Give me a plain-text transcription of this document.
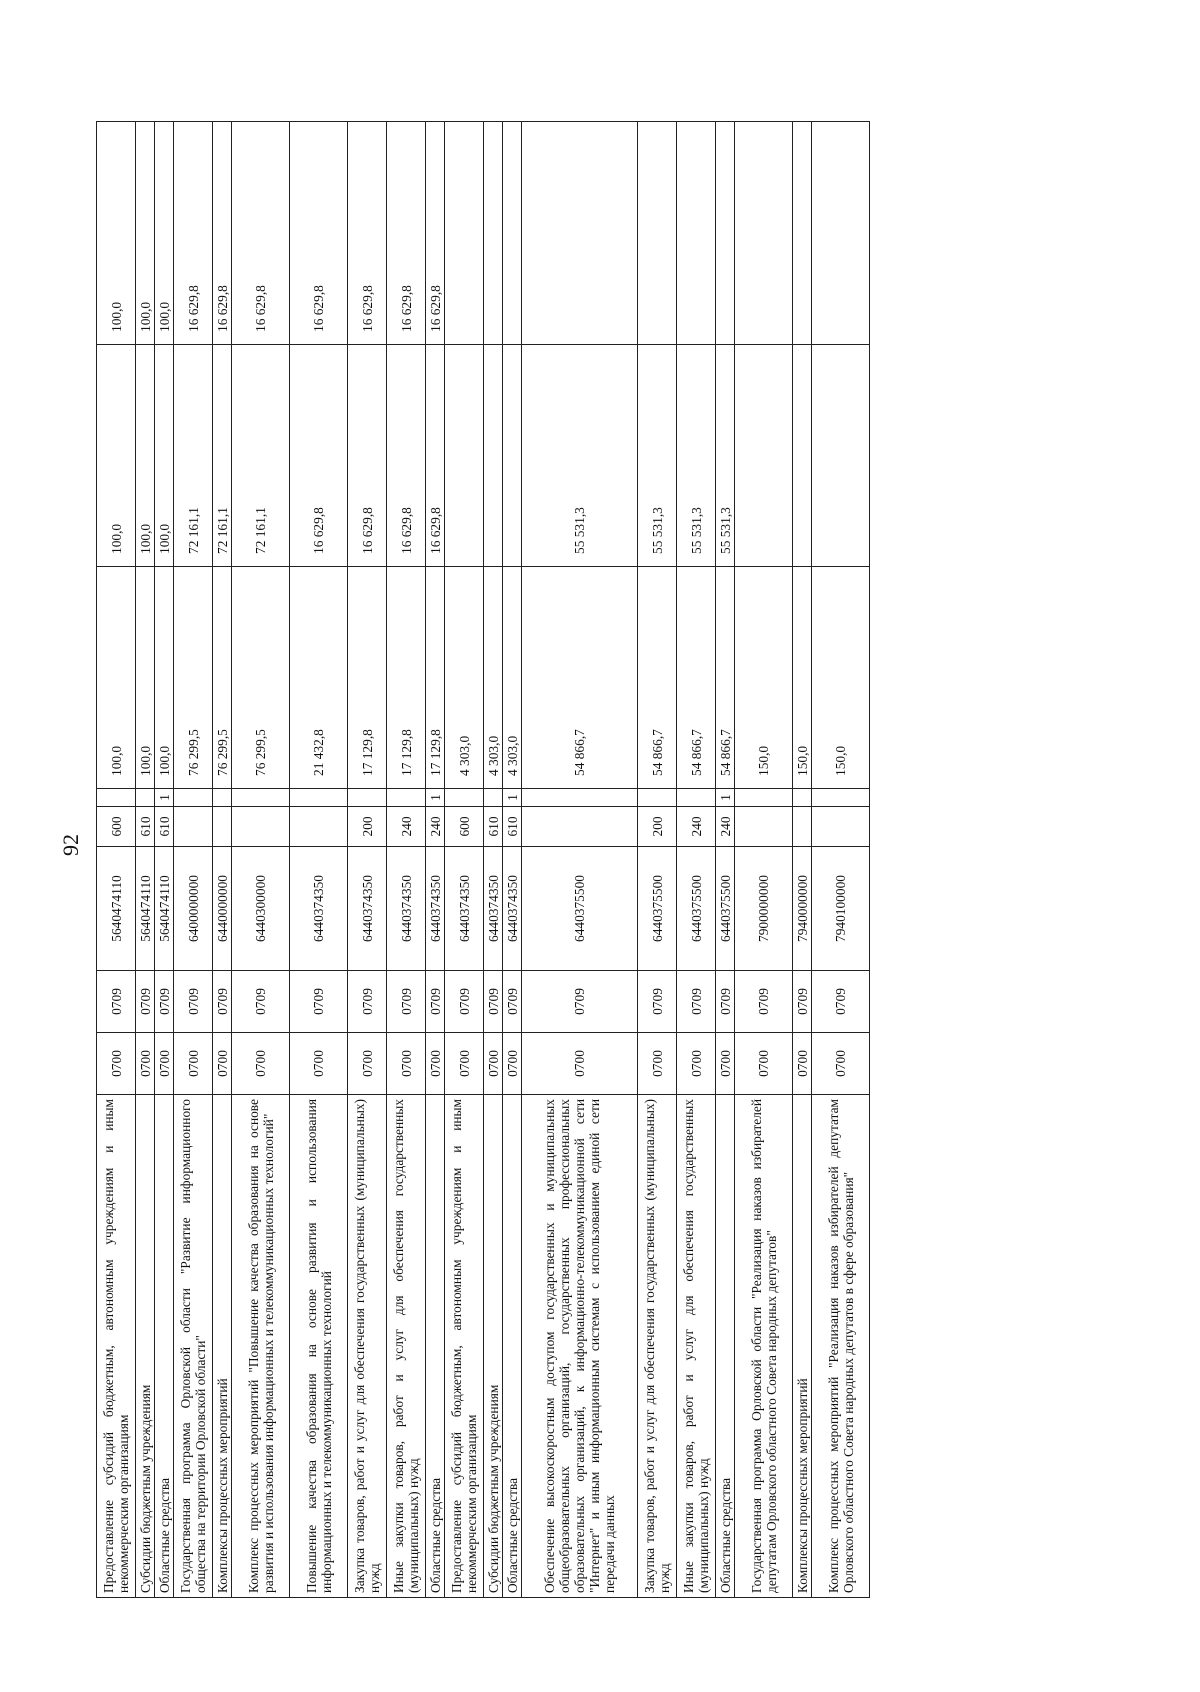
92
Предоставление субсидий бюджетным, автономным учреждениям и иным некоммерческим организациям	0700	0709	5640474110	600		100,0	100,0	100,0
Субсидии бюджетным учреждениям	0700	0709	5640474110	610		100,0	100,0	100,0
Областные средства	0700	0709	5640474110	610	1	100,0	100,0	100,0
Государственная программа Орловской области "Развитие информационного общества на территории Орловской области"	0700	0709	6400000000			76 299,5	72 161,1	16 629,8
Комплексы процессных мероприятий	0700	0709	6440000000			76 299,5	72 161,1	16 629,8
Комплекс процессных мероприятий "Повышение качества образования на основе развития и использования информационных и телекоммуникационных технологий"	0700	0709	6440300000			76 299,5	72 161,1	16 629,8
Повышение качества образования на основе развития и использования информационных и телекоммуникационных технологий	0700	0709	6440374350			21 432,8	16 629,8	16 629,8
Закупка товаров, работ и услуг для обеспечения государственных (муниципальных) нужд	0700	0709	6440374350	200		17 129,8	16 629,8	16 629,8
Иные закупки товаров, работ и услуг для обеспечения государственных (муниципальных) нужд	0700	0709	6440374350	240		17 129,8	16 629,8	16 629,8
Областные средства	0700	0709	6440374350	240	1	17 129,8	16 629,8	16 629,8
Предоставление субсидий бюджетным, автономным учреждениям и иным некоммерческим организациям	0700	0709	6440374350	600		4 303,0		
Субсидии бюджетным учреждениям	0700	0709	6440374350	610		4 303,0		
Областные средства	0700	0709	6440374350	610	1	4 303,0		
Обеспечение высокоскоростным доступом государственных и муниципальных общеобразовательных организаций, государственных профессиональных образовательных организаций, к информационно-телекоммуникационной сети "Интернет" и иным информационным системам с использованием единой сети передачи данных	0700	0709	6440375500			54 866,7	55 531,3	
Закупка товаров, работ и услуг для обеспечения государственных (муниципальных) нужд	0700	0709	6440375500	200		54 866,7	55 531,3	
Иные закупки товаров, работ и услуг для обеспечения государственных (муниципальных) нужд	0700	0709	6440375500	240		54 866,7	55 531,3	
Областные средства	0700	0709	6440375500	240	1	54 866,7	55 531,3	
Государственная программа Орловской области "Реализация наказов избирателей депутатам Орловского областного Совета народных депутатов"	0700	0709	7900000000			150,0		
Комплексы процессных мероприятий	0700	0709	7940000000			150,0		
Комплекс процессных мероприятий "Реализация наказов избирателей депутатам Орловского областного Совета народных депутатов в сфере образования"	0700	0709	7940100000			150,0		
